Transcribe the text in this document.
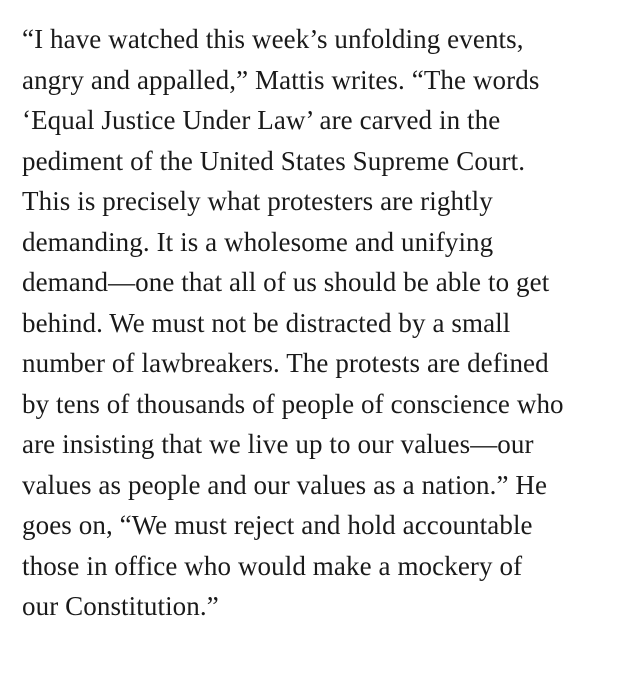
“I have watched this week’s unfolding events,
angry and appalled,” Mattis writes. “The words
‘Equal Justice Under Law’ are carved in the
pediment of the United States Supreme Court.
This is precisely what protesters are rightly
demanding. It is a wholesome and unifying
demand—one that all of us should be able to get
behind. We must not be distracted by a small
number of lawbreakers. The protests are defined
by tens of thousands of people of conscience who
are insisting that we live up to our values—our
values as people and our values as a nation.” He
goes on, “We must reject and hold accountable
those in office who would make a mockery of
our Constitution.”
